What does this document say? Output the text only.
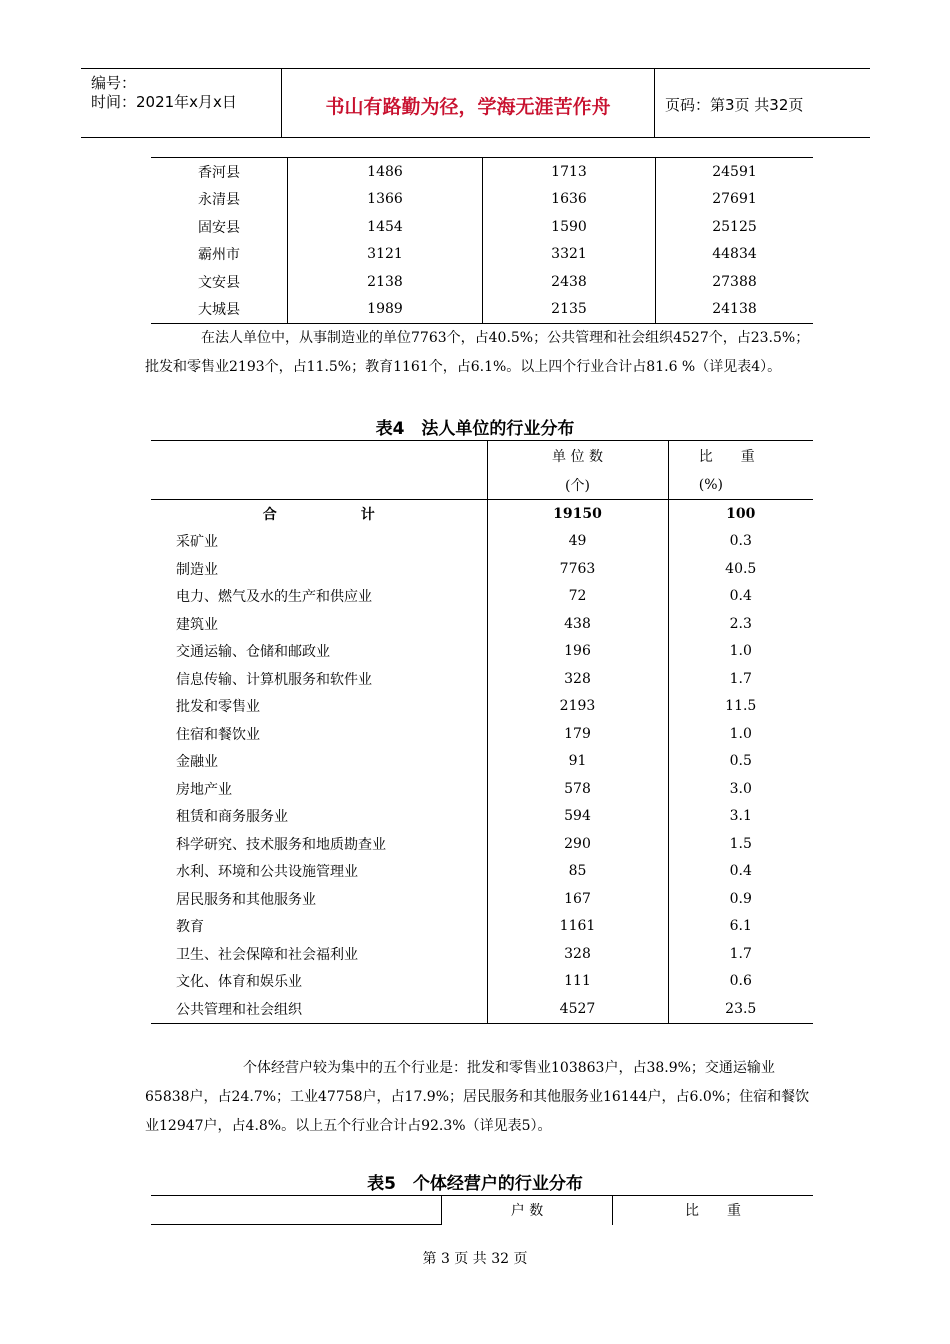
编号：
时间：2021年x月x日	书山有路勤为径，学海无涯苦作舟	页码：第3页 共32页
香河县	1486	1713	24591
永清县	1366	1636	27691
固安县	1454	1590	25125
霸州市	3121	3321	44834
文安县	2138	2438	27388
大城县	1989	2135	24138
　　　　在法人单位中，从事制造业的单位7763个，占40.5%；公共管理和社会组织4527个，占23.5%；批发和零售业2193个，占11.5%；教育1161个，占6.1%。以上四个行业合计占81.6 %（详见表4）。
表4　法人单位的行业分布
	单 位 数	比　　重
	(个)	(%)
合　　　　　　计	19150	100
采矿业	49	0.3
制造业	7763	40.5
电力、燃气及水的生产和供应业	72	0.4
建筑业	438	2.3
交通运输、仓储和邮政业	196	1.0
信息传输、计算机服务和软件业	328	1.7
批发和零售业	2193	11.5
住宿和餐饮业	179	1.0
金融业	91	0.5
房地产业	578	3.0
租赁和商务服务业	594	3.1
科学研究、技术服务和地质勘查业	290	1.5
水利、环境和公共设施管理业	85	0.4
居民服务和其他服务业	167	0.9
教育	1161	6.1
卫生、社会保障和社会福利业	328	1.7
文化、体育和娱乐业	111	0.6
公共管理和社会组织	4527	23.5
　　　　　　　个体经营户较为集中的五个行业是：批发和零售业103863户，占38.9%；交通运输业65838户，占24.7%；工业47758户，占17.9%；居民服务和其他服务业16144户，占6.0%；住宿和餐饮业12947户，占4.8%。以上五个行业合计占92.3%（详见表5）。
表5　个体经营户的行业分布
	户 数	比　　重
第 3 页 共 32 页
